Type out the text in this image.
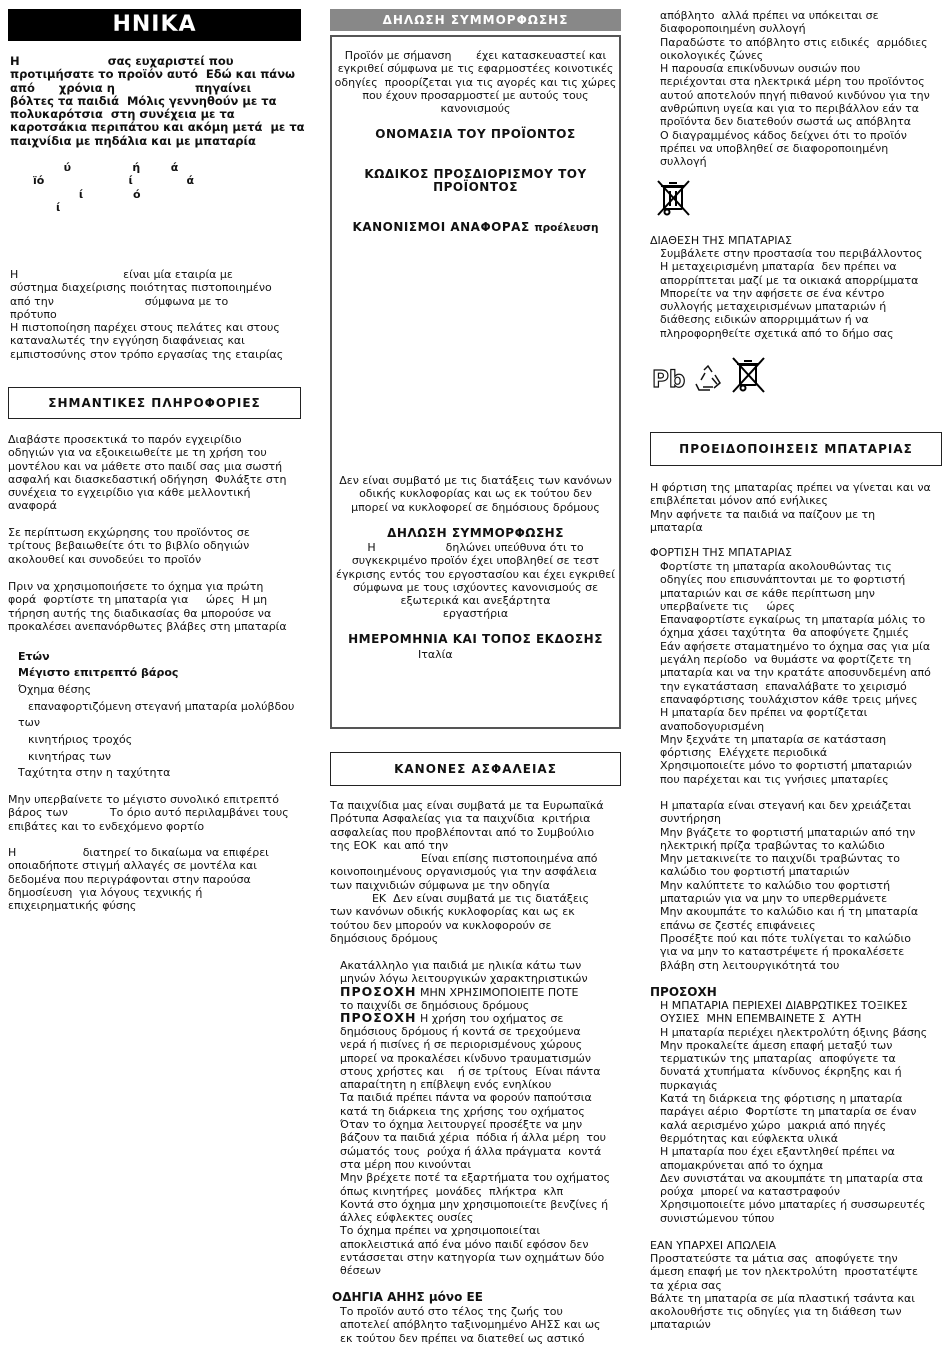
ΗΝΙΚΑ
Η                      σας ευχαριστεί που
προτιμήσατε το προϊόν αυτό  Εδώ και πάνω
από      χρόνια η                    πηγαίνει
βόλτες τα παιδιά  Μόλις γεννηθούν με τα
πολυκαρότσια  στη συνέχεια με τα
καροτσάκια περιπάτου και ακόμη μετά  με τα
παιχνίδια με πηδάλια και με μπαταρία
ύ                ή        ά
ïό                      ί              ά
ί             ó
ί
Η                              είναι μία εταιρία με
σύστημα διαχείρισης ποιότητας πιστοποιημένο
από την                          σύμφωνα με το
πρότυπο
Η πιστοποίηση παρέχει στους πελάτες και στους
καταναλωτές την εγγύηση διαφάνειας και
εμπιστοσύνης στον τρόπο εργασίας της εταιρίας
ΣΗΜΑΝΤΙΚΕΣ ΠΛΗΡΟΦΟΡΙΕΣ
Διαβάστε προσεκτικά το παρόν εγχειρίδιο
οδηγιών για να εξοικειωθείτε με τη χρήση του
μοντέλου και να μάθετε στο παιδί σας μια σωστή
ασφαλή και διασκεδαστική οδήγηση  Φυλάξτε στη
συνέχεια το εγχειρίδιο για κάθε μελλοντική
αναφορά
Σε περίπτωση εκχώρησης του προϊόντος σε
τρίτους βεβαιωθείτε ότι το βιβλίο οδηγιών
ακολουθεί και συνοδεύει το προϊόν
Πριν να χρησιμοποιήσετε το όχημα για πρώτη
φορά  φορτίστε τη μπαταρία για     ώρες  Η μη
τήρηση αυτής της διαδικασίας θα μπορούσε να
προκαλέσει ανεπανόρθωτες βλάβες στη μπαταρία
Ετών
Μέγιστο επιτρεπτό βάρος
Όχημα θέσης
επαναφορτιζόμενη στεγανή μπαταρία μολύβδου
των
κινητήριος τροχός
κινητήρας των
Ταχύτητα στην η ταχύτητα
Μην υπερβαίνετε το μέγιστο συνολικό επιτρεπτό
βάρος των            Το όριο αυτό περιλαμβάνει τους
επιβάτες και το ενδεχόμενο φορτίο
Η                   διατηρεί το δικαίωμα να επιφέρει
οποιαδήποτε στιγμή αλλαγές σε μοντέλα και
δεδομένα που περιγράφονται στην παρούσα
δημοσίευση  για λόγους τεχνικής ή
επιχειρηματικής φύσης
ΔΗΛΩΣΗ ΣΥΜΜΟΡΦΩΣΗΣ
Προϊόν με σήμανση       έχει κατασκευαστεί και
εγκριθεί σύμφωνα με τις εφαρμοστέες κοινοτικές
οδηγίες  προορίζεται για τις αγορές και τις χώρες
που έχουν προσαρμοστεί με αυτούς τους
κανονισμούς
ΟΝΟΜΑΣΙΑ ΤΟΥ ΠΡΟΪΟΝΤΟΣ
ΚΩΔΙΚΟΣ ΠΡΟΣΔΙΟΡΙΣΜΟΥ ΤΟΥ
ΠΡΟΪΟΝΤΟΣ
ΚΑΝΟΝΙΣΜΟΙ ΑΝΑΦΟΡΑΣ προέλευση
Δεν είναι συμβατό με τις διατάξεις των κανόνων
οδικής κυκλοφορίας και ως εκ τούτου δεν
μπορεί να κυκλοφορεί σε δημόσιους δρόμους
ΔΗΛΩΣΗ ΣΥΜΜΟΡΦΩΣΗΣ
Η                    δηλώνει υπεύθυνα ότι το
συγκεκριμένο προϊόν έχει υποβληθεί σε τεστ
έγκρισης εντός του εργοστασίου και έχει εγκριθεί
σύμφωνα με τους ισχύοντες κανονισμούς σε
εξωτερικά και ανεξάρτητα
εργαστήρια
ΗΜΕΡΟΜΗΝΙΑ ΚΑΙ ΤΟΠΟΣ ΕΚΔΟΣΗΣ
Ιταλία
ΚΑΝΟΝΕΣ ΑΣΦΑΛΕΙΑΣ
Τα παιχνίδια μας είναι συμβατά με τα Ευρωπαϊκά
Πρότυπα Ασφαλείας για τα παιχνίδια  κριτήρια
ασφαλείας που προβλέπονται από το Συμβούλιο
της ΕΟΚ  και από την
Είναι επίσης πιστοποιημένα από
κοινοποιημένους οργανισμούς για την ασφάλεια
των παιχνιδιών σύμφωνα με την οδηγία
ΕΚ  Δεν είναι συμβατά με τις διατάξεις
των κανόνων οδικής κυκλοφορίας και ως εκ
τούτου δεν μπορούν να κυκλοφορούν σε
δημόσιους δρόμους
Ακατάλληλο για παιδιά με ηλικία κάτω των
μηνών λόγω λειτουργικών χαρακτηριστικών
ΠΡΟΣΟΧΗ ΜΗΝ ΧΡΗΣΙΜΟΠΟΙΕΙΤΕ ΠΟΤΕ
το παιχνίδι σε δημόσιους δρόμους
ΠΡΟΣΟΧΗ Η χρήση του οχήματος σε
δημόσιους δρόμους ή κοντά σε τρεχούμενα
νερά ή πισίνες ή σε περιορισμένους χώρους
μπορεί να προκαλέσει κίνδυνο τραυματισμών
στους χρήστες και    ή σε τρίτους  Είναι πάντα
απαραίτητη η επίβλεψη ενός ενηλίκου
Τα παιδιά πρέπει πάντα να φορούν παπούτσια
κατά τη διάρκεια της χρήσης του οχήματος
Όταν το όχημα λειτουργεί προσέξτε να μην
βάζουν τα παιδιά χέρια  πόδια ή άλλα μέρη  του
σώματός τους  ρούχα ή άλλα πράγματα  κοντά
στα μέρη που κινούνται
Μην βρέχετε ποτέ τα εξαρτήματα του οχήματος
όπως κινητήρες  μονάδες  πλήκτρα  κλπ
Κοντά στο όχημα μην χρησιμοποιείτε βενζίνες ή
άλλες εύφλεκτες ουσίες
Το όχημα πρέπει να χρησιμοποιείται
αποκλειστικά από ένα μόνο παιδί εφόσον δεν
εντάσσεται στην κατηγορία των οχημάτων δύο
θέσεων
ΟΔΗΓΙΑ ΑΗΗΣ μόνο ΕΕ
Το προϊόν αυτό στο τέλος της ζωής του
αποτελεί απόβλητο ταξινομημένο ΑΗΣΣ και ως
εκ τούτου δεν πρέπει να διατεθεί ως αστικό
απόβλητο  αλλά πρέπει να υπόκειται σε
διαφοροποιημένη συλλογή
Παραδώστε το απόβλητο στις ειδικές  αρμόδιες
οικολογικές ζώνες
Η παρουσία επικίνδυνων ουσιών που
περιέχονται στα ηλεκτρικά μέρη του προϊόντος
αυτού αποτελούν πηγή πιθανού κινδύνου για την
ανθρώπινη υγεία και για το περιβάλλον εάν τα
προϊόντα δεν διατεθούν σωστά ως απόβλητα
Ο διαγραμμένος κάδος δείχνει ότι το προϊόν
πρέπει να υποβληθεί σε διαφοροποιημένη
συλλογή
ΔΙΑΘΕΣΗ ΤΗΣ ΜΠΑΤΑΡΙΑΣ
Συμβάλετε στην προστασία του περιβάλλοντος
Η μεταχειρισμένη μπαταρία  δεν πρέπει να
απορρίπτεται μαζί με τα οικιακά απορρίμματα
Μπορείτε να την αφήσετε σε ένα κέντρο
συλλογής μεταχειρισμένων μπαταριών ή
διάθεσης ειδικών απορριμμάτων ή να
πληροφορηθείτε σχετικά από το δήμο σας
Pb
ΠΡΟΕΙΔΟΠΟΙΗΣΕΙΣ ΜΠΑΤΑΡΙΑΣ
Η φόρτιση της μπαταρίας πρέπει να γίνεται και να
επιβλέπεται μόνον από ενήλικες
Μην αφήνετε τα παιδιά να παίζουν με τη
μπαταρία
ΦΟΡΤΙΣΗ ΤΗΣ ΜΠΑΤΑΡΙΑΣ
Φορτίστε τη μπαταρία ακολουθώντας τις
οδηγίες που επισυνάπτονται με το φορτιστή
μπαταριών και σε κάθε περίπτωση μην
υπερβαίνετε τις     ώρες
Επαναφορτίστε εγκαίρως τη μπαταρία μόλις το
όχημα χάσει ταχύτητα  θα αποφύγετε ζημιές
Εάν αφήσετε σταματημένο το όχημα σας για μία
μεγάλη περίοδο  να θυμάστε να φορτίζετε τη
μπαταρία και να την κρατάτε αποσυνδεμένη από
την εγκατάσταση  επαναλάβατε το χειρισμό
επαναφόρτισης τουλάχιστον κάθε τρεις μήνες
Η μπαταρία δεν πρέπει να φορτίζεται
αναποδογυρισμένη
Μην ξεχνάτε τη μπαταρία σε κατάσταση
φόρτισης  Ελέγχετε περιοδικά
Χρησιμοποιείτε μόνο το φορτιστή μπαταριών
που παρέχεται και τις γνήσιες μπαταρίες
Η μπαταρία είναι στεγανή και δεν χρειάζεται
συντήρηση
Μην βγάζετε το φορτιστή μπαταριών από την
ηλεκτρική πρίζα τραβώντας το καλώδιο
Μην μετακινείτε το παιχνίδι τραβώντας το
καλώδιο του φορτιστή μπαταριών
Μην καλύπτετε το καλώδιο του φορτιστή
μπαταριών για να μην το υπερθερμάνετε
Μην ακουμπάτε το καλώδιο και ή τη μπαταρία
επάνω σε ζεστές επιφάνειες
Προσέξτε πού και πότε τυλίγεται το καλώδιο
για να μην το καταστρέψετε ή προκαλέσετε
βλάβη στη λειτουργικότητά του
ΠΡΟΣΟΧΗ
Η ΜΠΑΤΑΡΙΑ ΠΕΡΙΕΧΕΙ ΔΙΑΒΡΩΤΙΚΕΣ ΤΟΞΙΚΕΣ
ΟΥΣΙΕΣ  ΜΗΝ ΕΠΕΜΒΑΙΝΕΤΕ Σ  ΑΥΤΗ
Η μπαταρία περιέχει ηλεκτρολύτη όξινης βάσης
Μην προκαλείτε άμεση επαφή μεταξύ των
τερματικών της μπαταρίας  αποφύγετε τα
δυνατά χτυπήματα  κίνδυνος έκρηξης και ή
πυρκαγιάς
Κατά τη διάρκεια της φόρτισης η μπαταρία
παράγει αέριο  Φορτίστε τη μπαταρία σε έναν
καλά αερισμένο χώρο  μακριά από πηγές
θερμότητας και εύφλεκτα υλικά
Η μπαταρία που έχει εξαντληθεί πρέπει να
απομακρύνεται από το όχημα
Δεν συνιστάται να ακουμπάτε τη μπαταρία στα
ρούχα  μπορεί να καταστραφούν
Χρησιμοποιείτε μόνο μπαταρίες ή συσσωρευτές
συνιστώμενου τύπου
ΕΑΝ ΥΠΑΡΧΕΙ ΑΠΩΛΕΙΑ
Προστατεύστε τα μάτια σας  αποφύγετε την
άμεση επαφή με τον ηλεκτρολύτη  προστατέψτε
τα χέρια σας
Βάλτε τη μπαταρία σε μία πλαστική τσάντα και
ακολουθήστε τις οδηγίες για τη διάθεση των
μπαταριών
